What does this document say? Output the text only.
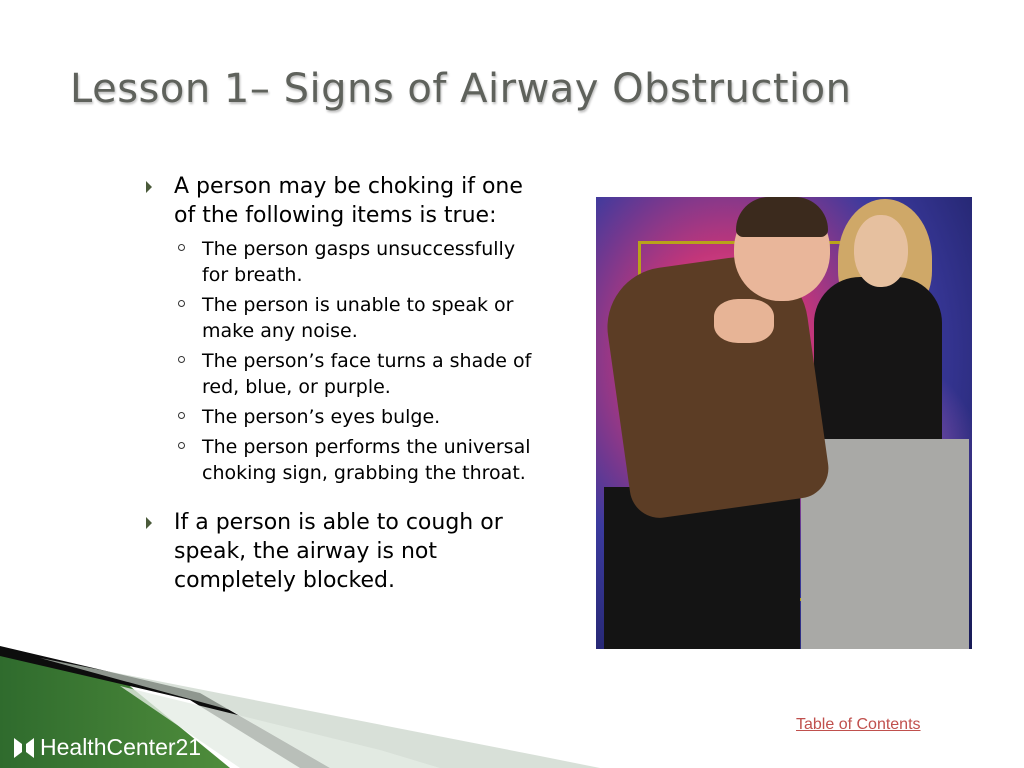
Lesson 1– Signs of Airway Obstruction
A person may be choking if one of the following items is true:
The person gasps unsuccessfully for breath.
The person is unable to speak or make any noise.
The person’s face turns a shade of red, blue, or purple.
The person’s eyes bulge.
The person performs the universal choking sign, grabbing the throat.
If a person is able to cough or speak, the airway is not completely blocked.
HealthCenter21
Table of Contents
